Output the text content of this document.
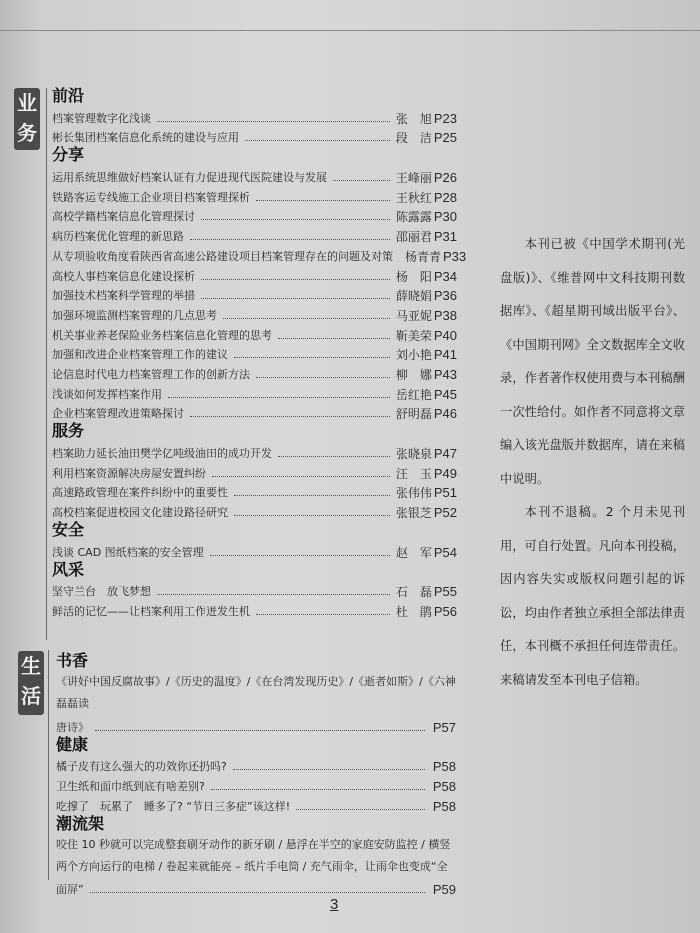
业
务
生
活
前沿
档案管理数字化浅谈	张　旭 P23
彬长集团档案信息化系统的建设与应用	段　洁 P25
分享
运用系统思维做好档案认证有力促进现代医院建设与发展	王峰丽 P26
铁路客运专线施工企业项目档案管理探析	王秋红 P28
高校学籍档案信息化管理探讨	陈露露 P30
病历档案优化管理的新思路	邵丽君 P31
从专项验收角度看陕西省高速公路建设项目档案管理存在的问题及对策 杨青青 P33
高校人事档案信息化建设探析	杨　阳 P34
加强技术档案科学管理的举措	薛晓娟 P36
加强环境监测档案管理的几点思考	马亚妮 P38
机关事业养老保险业务档案信息化管理的思考	靳美荣 P40
加强和改进企业档案管理工作的建议	刘小艳 P41
论信息时代电力档案管理工作的创新方法	柳　娜 P43
浅谈如何发挥档案作用	岳红艳 P45
企业档案管理改进策略探讨	舒明磊 P46
服务
档案助力延长油田樊学亿吨级油田的成功开发	张晓泉 P47
利用档案资源解决房屋安置纠纷	汪　玉 P49
高速路政管理在案件纠纷中的重要性	张伟伟 P51
高校档案促进校园文化建设路径研究	张银芝 P52
安全
浅谈 CAD 图纸档案的安全管理	赵　军 P54
风采
坚守兰台　放飞梦想	石　磊 P55
鲜活的记忆——让档案利用工作迸发生机	杜　鹃 P56
书香
《讲好中国反腐故事》/《历史的温度》/《在台湾发现历史》/《逝者如斯》/《六神磊磊读
唐诗》	P57
健康
橘子皮有这么强大的功效你还扔吗?	P58
卫生纸和面巾纸到底有啥差别?	P58
吃撑了　玩累了　睡多了? “节日三多症”该这样!	P58
潮流架
咬住 10 秒就可以完成整套刷牙动作的新牙刷 / 悬浮在半空的家庭安防监控 / 横竖两个方向运行的电梯 / 卷起来就能亮 – 纸片手电筒 / 充气雨伞，让雨伞也变成“全
面屏”	P59

本刊已被《中国学术期刊(光盘版)》、《维普网中文科技期刊数据库》、《超星期刊域出版平台》、《中国期刊网》全文数据库全文收录，作者著作权使用费与本刊稿酬一次性给付。如作者不同意将文章编入该光盘版并数据库，请在来稿中说明。

本刊不退稿。2 个月未见刊用，可自行处置。凡向本刊投稿，因内容失实或版权问题引起的诉讼，均由作者独立承担全部法律责任，本刊概不承担任何连带责任。来稿请发至本刊电子信箱。

3
